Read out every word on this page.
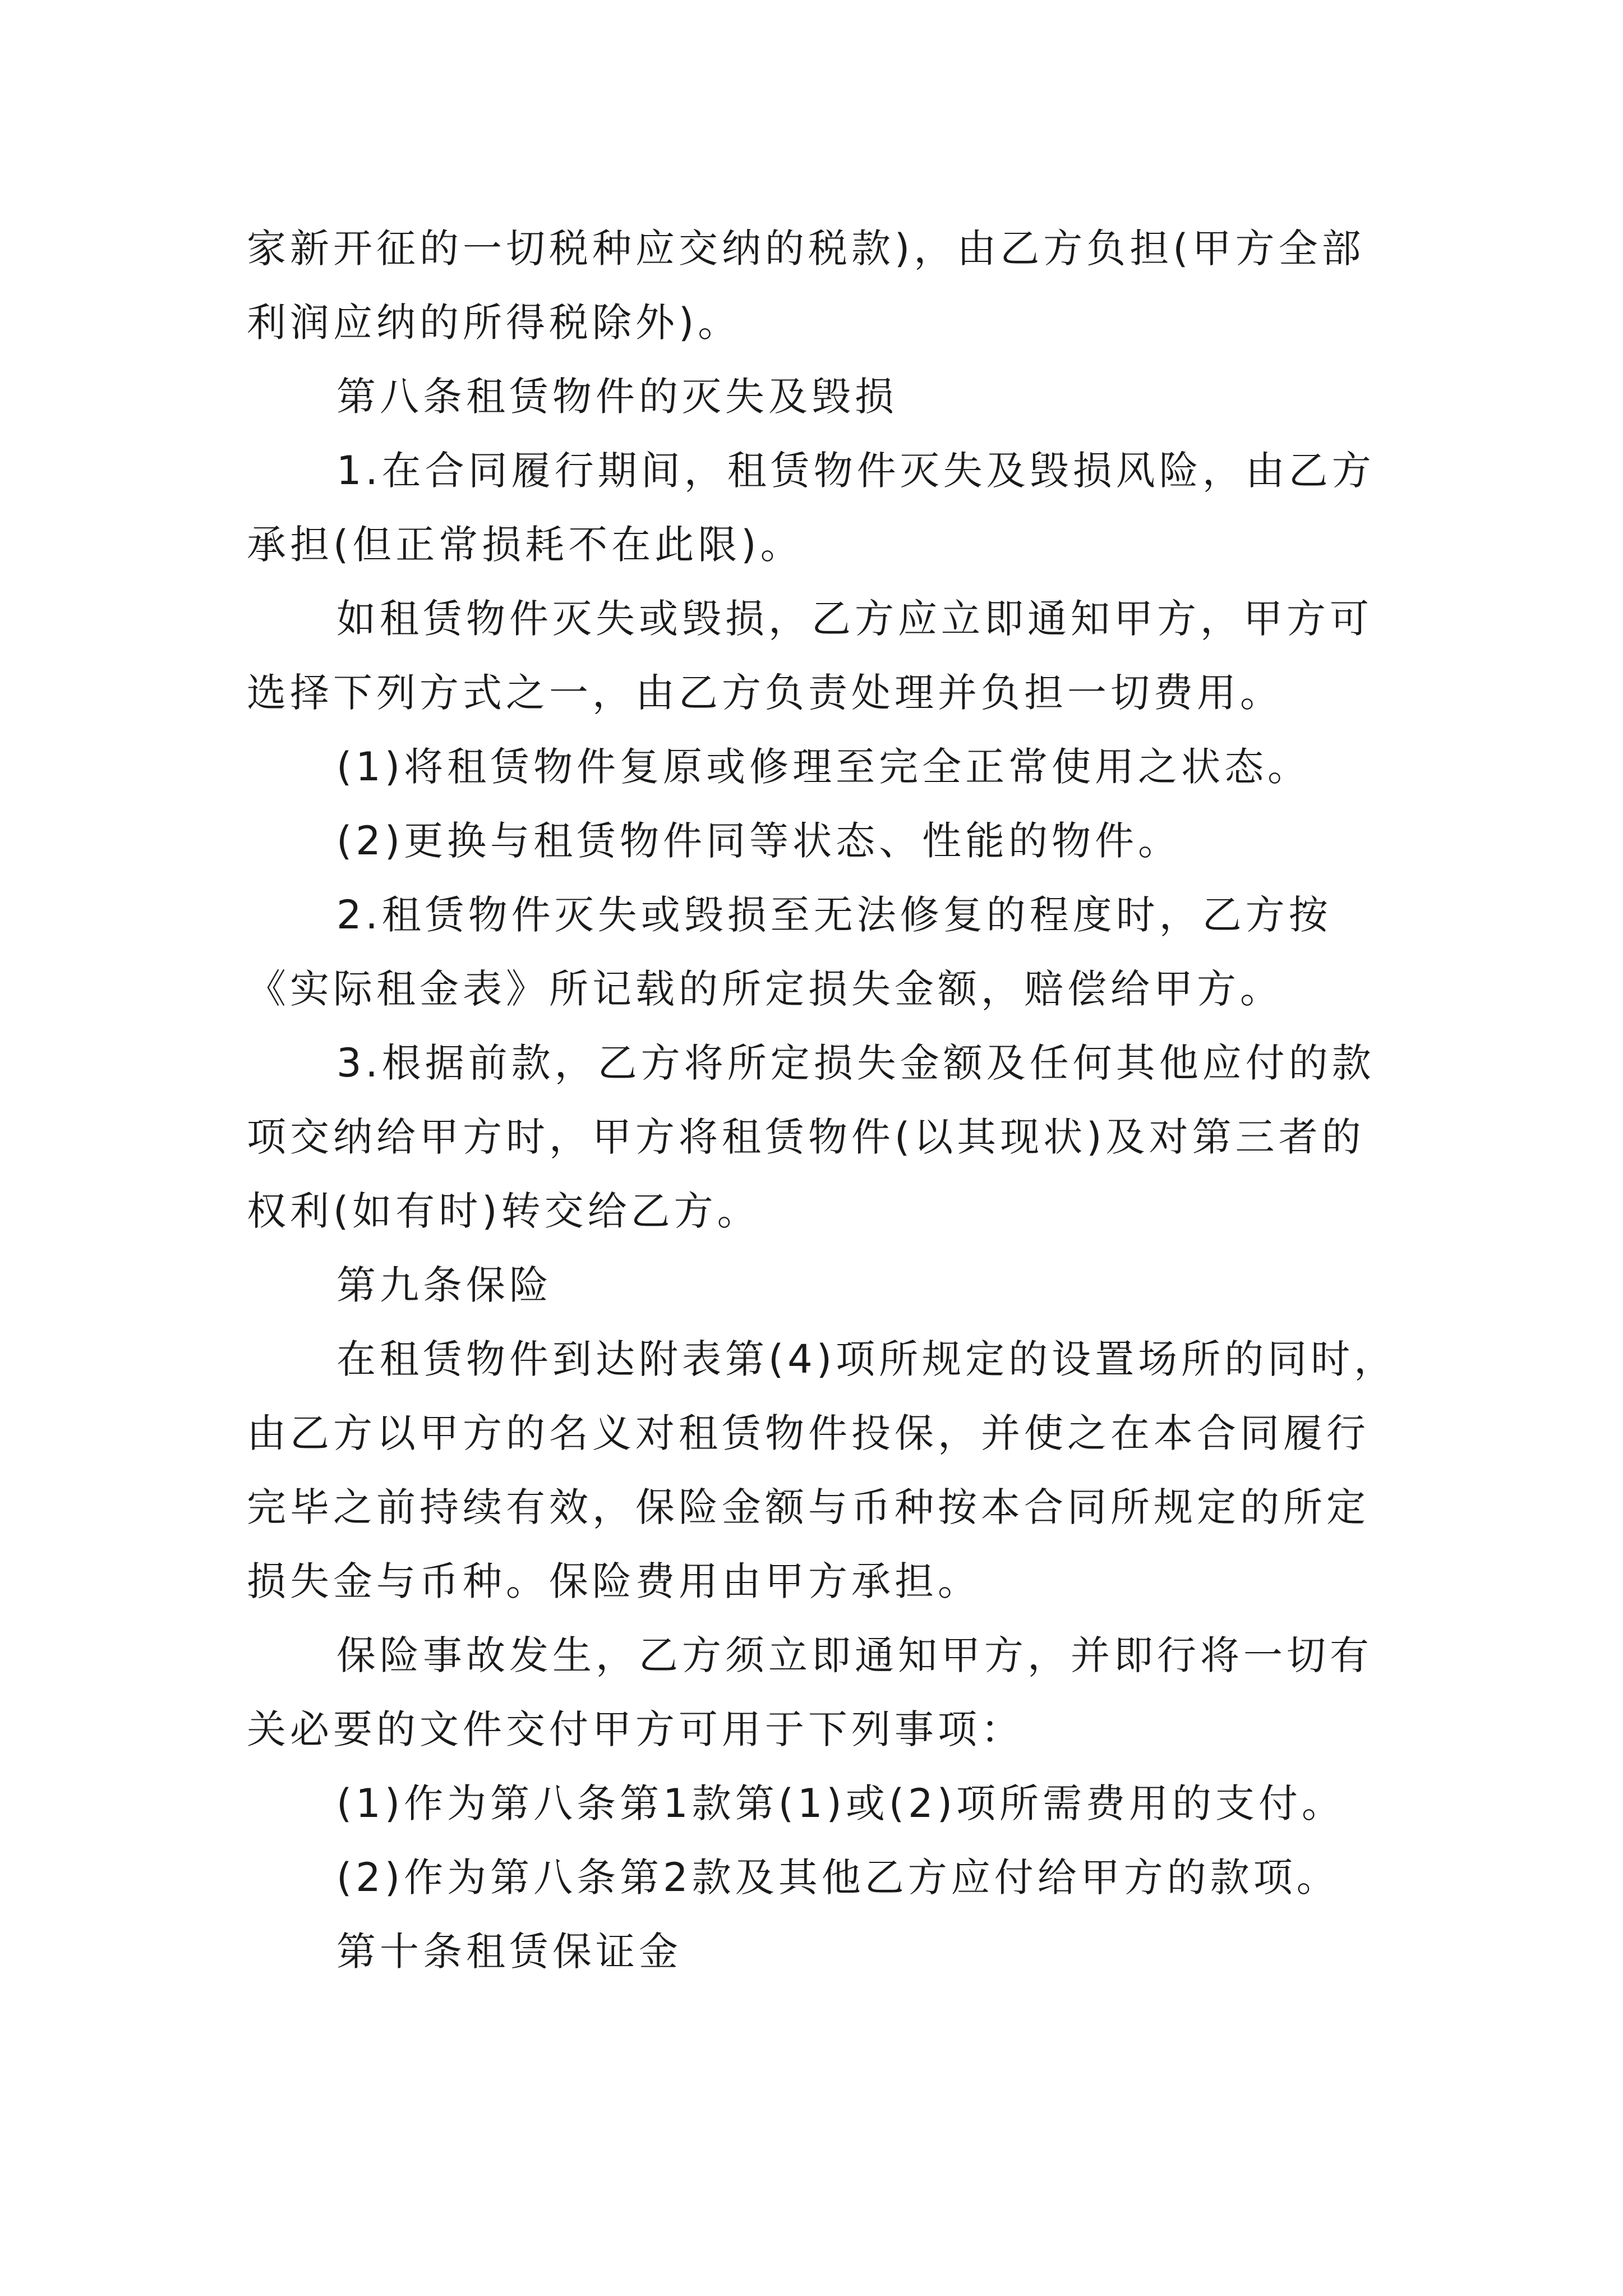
家新开征的一切税种应交纳的税款)，由乙方负担(甲方全部
利润应纳的所得税除外)。
第八条租赁物件的灭失及毁损
1.在合同履行期间，租赁物件灭失及毁损风险，由乙方
承担(但正常损耗不在此限)。
如租赁物件灭失或毁损，乙方应立即通知甲方，甲方可
选择下列方式之一，由乙方负责处理并负担一切费用。
(1)将租赁物件复原或修理至完全正常使用之状态。
(2)更换与租赁物件同等状态、性能的物件。
2.租赁物件灭失或毁损至无法修复的程度时，乙方按
《实际租金表》所记载的所定损失金额，赔偿给甲方。
3.根据前款，乙方将所定损失金额及任何其他应付的款
项交纳给甲方时，甲方将租赁物件(以其现状)及对第三者的
权利(如有时)转交给乙方。
第九条保险
在租赁物件到达附表第(4)项所规定的设置场所的同时，
由乙方以甲方的名义对租赁物件投保，并使之在本合同履行
完毕之前持续有效，保险金额与币种按本合同所规定的所定
损失金与币种。保险费用由甲方承担。
保险事故发生，乙方须立即通知甲方，并即行将一切有
关必要的文件交付甲方可用于下列事项：
(1)作为第八条第1款第(1)或(2)项所需费用的支付。
(2)作为第八条第2款及其他乙方应付给甲方的款项。
第十条租赁保证金
